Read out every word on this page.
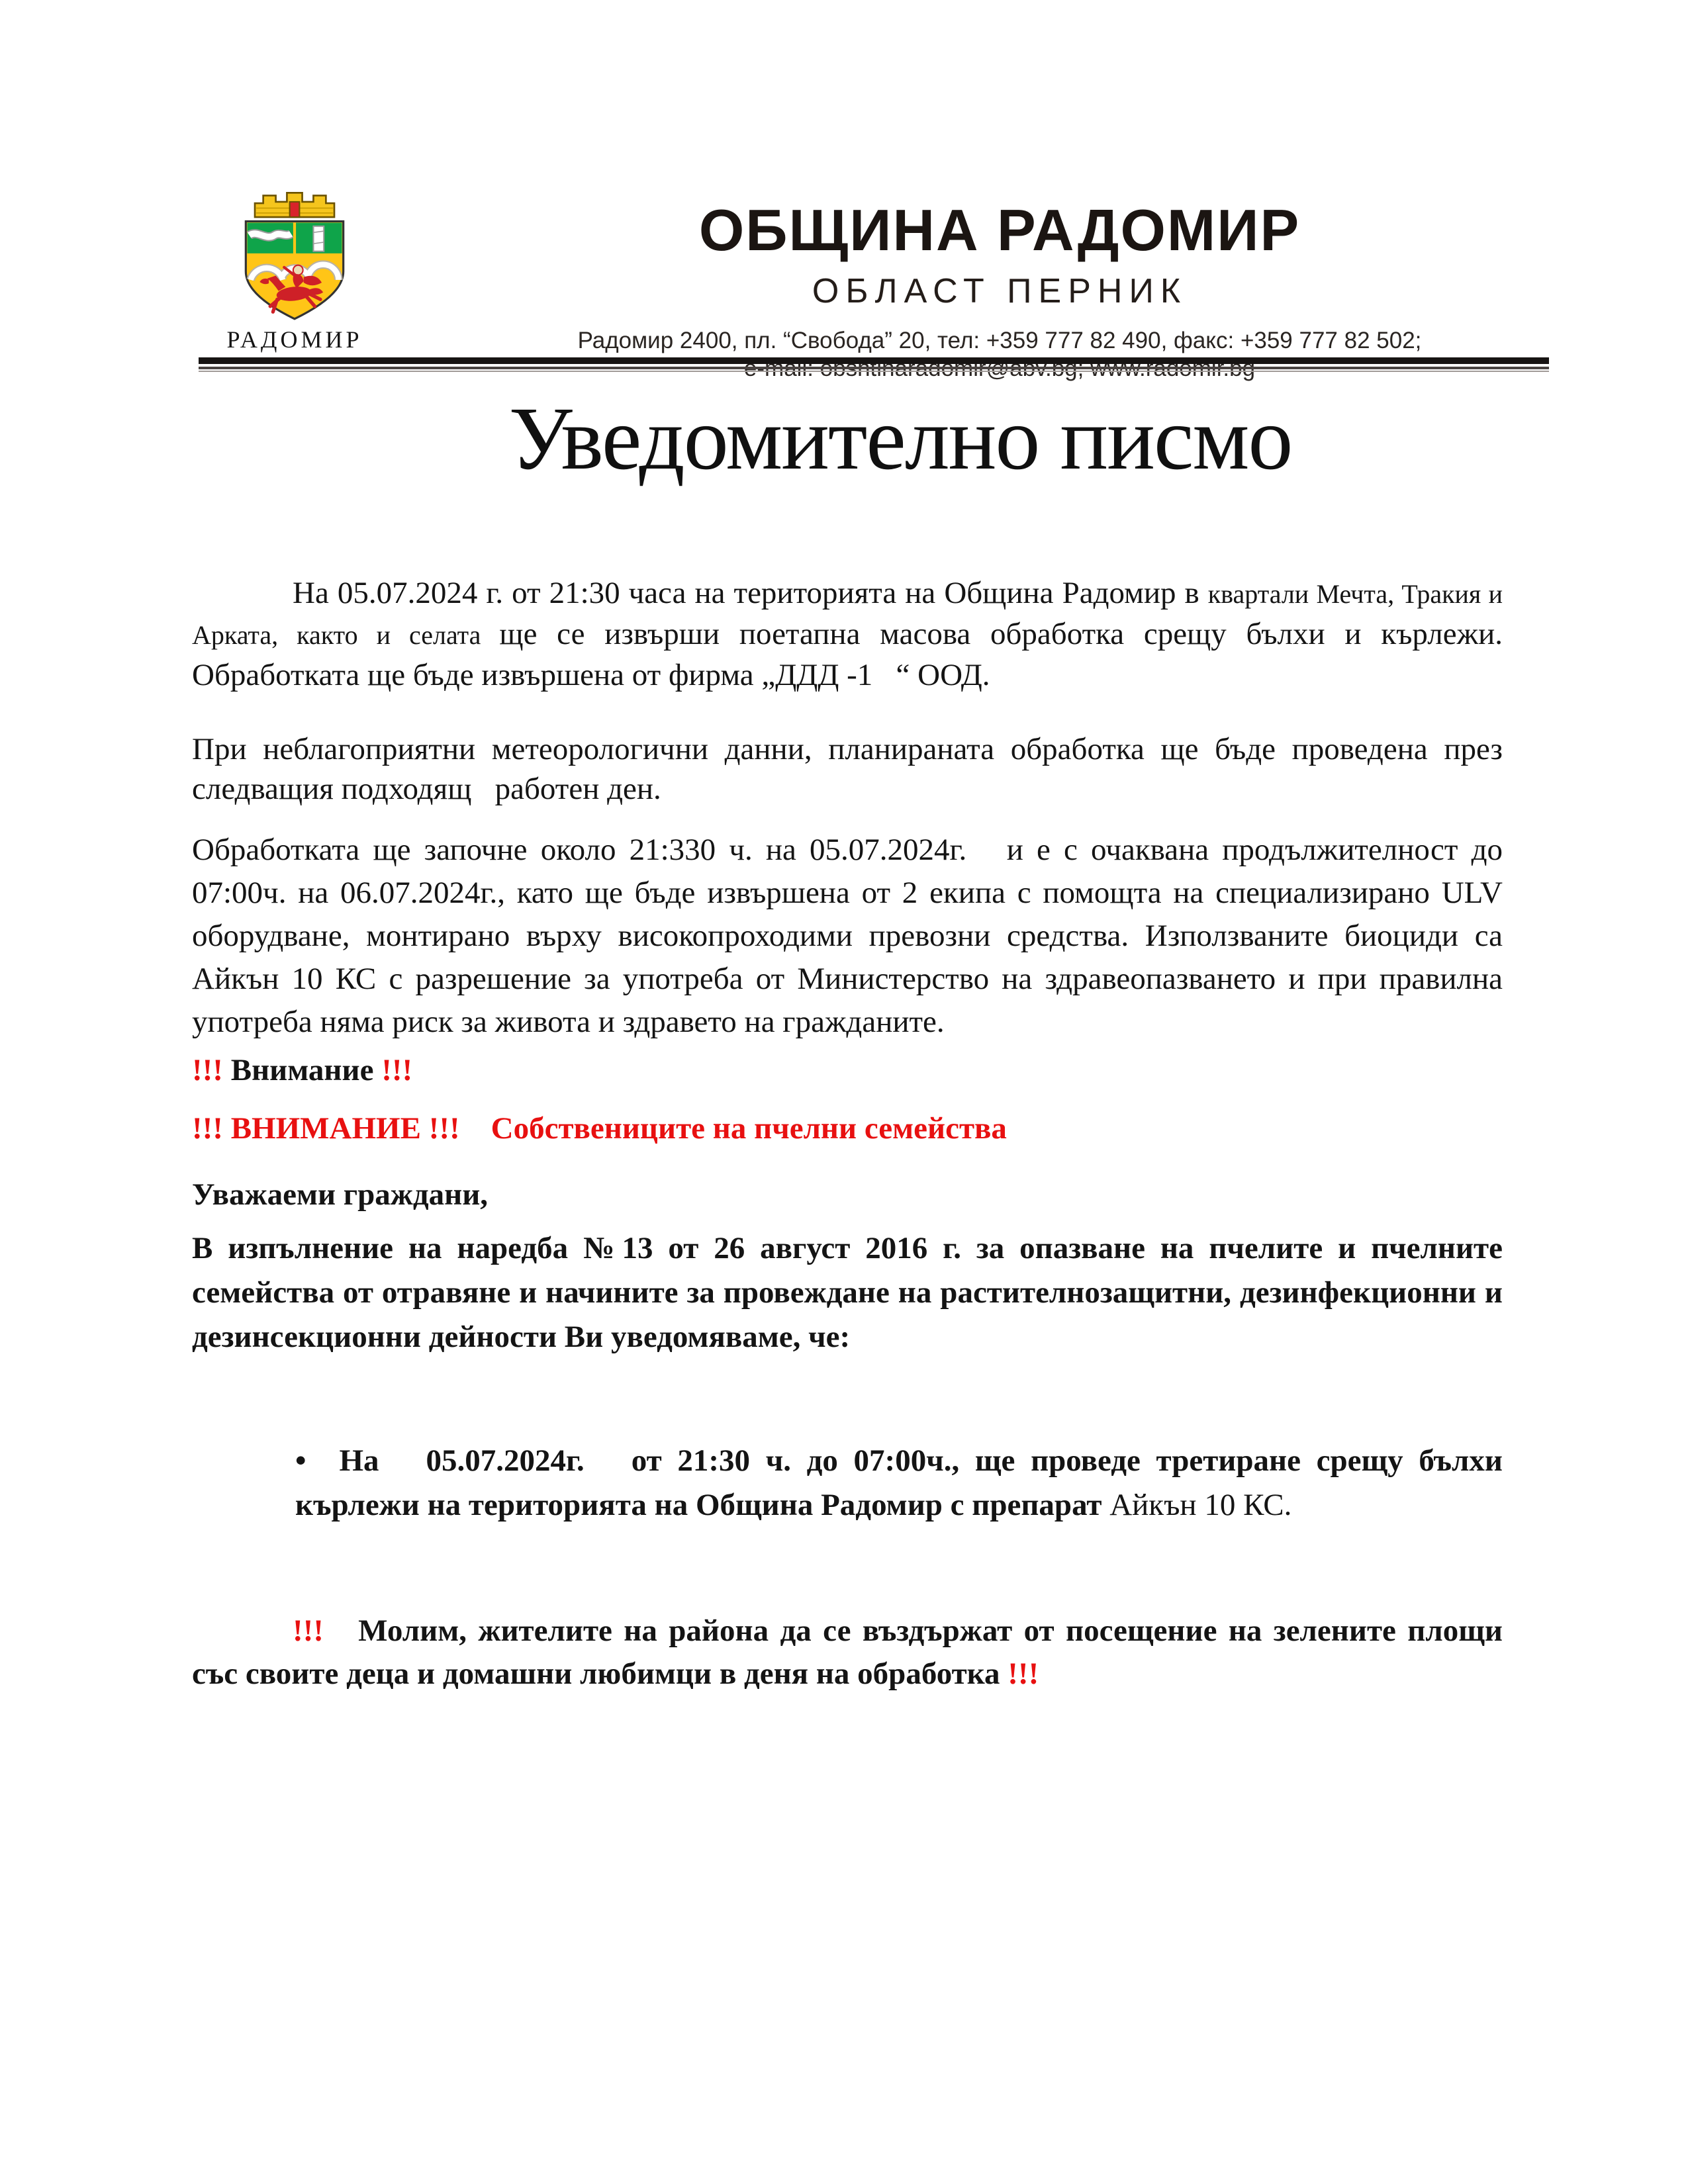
РАДОМИР
ОБЩИНА РАДОМИР
ОБЛАСТ ПЕРНИК
Радомир 2400, пл. “Свобода” 20, тел: +359 777 82 490, факс: +359 777 82 502;
Уведомително писмо

На 05.07.2024 г. от 21:30 часа на територията на Община Радомир в квартали Мечта, Тракия и Арката, както и селата ще се извърши поетапна масова обработка срещу бълхи и кърлежи. Обработката ще бъде извършена от фирма „ДДД -1   “ ООД.

При неблагоприятни метеорологични данни, планираната обработка ще бъде проведена през следващия подходящ   работен ден.

Обработката ще започне около 21:330 ч. на 05.07.2024г.   и е с очаквана продължителност до 07:00ч. на 06.07.2024г., като ще бъде извършена от 2 екипа с помощта на специализирано ULV оборудване, монтирано върху високопроходими превозни средства. Използваните биоциди са Айкън 10 КС с разрешение за употреба от Министерство на здравеопазването и при правилна употреба няма риск за живота и здравето на гражданите.

!!! Внимание !!!

!!! ВНИМАНИЕ !!!    Собствениците на пчелни семейства

Уважаеми граждани,

В изпълнение на наредба №13 от 26 август 2016 г. за опазване на пчелите и пчелните семейства от отравяне и начините за провеждане на растителнозащитни, дезинфекционни и дезинсекционни дейности Ви уведомяваме, че:

• На   05.07.2024г.   от 21:30 ч. до 07:00ч., ще проведе третиране срещу бълхи кърлежи на територията на Община Радомир с препарат Айкън 10 КС.

!!!   Молим, жителите на района да се въздържат от посещение на зелените площи със своите деца и домашни любимци в деня на обработка !!!
